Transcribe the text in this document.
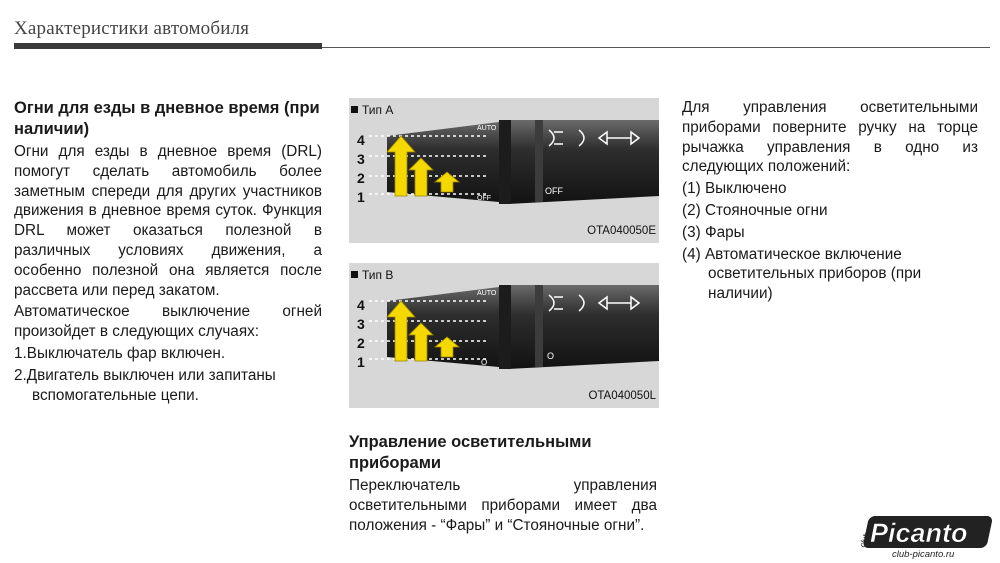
Характеристики автомобиля

Огни для езды в дневное время (при наличии)

Огни для езды в дневное время (DRL) помогут сделать автомобиль более заметным спереди для других участников движения в дневное время суток. Функция DRL может оказаться полезной в различных условиях движения, а особенно полезной она является после рассвета или перед закатом.

Автоматическое выключение огней произойдет в следующих случаях:

1.Выключатель фар включен.

2.Двигатель выключен или запитаны вспомогательные цепи.

Тип A
AUTO
OFF
OFF
4
3
2
1
OTA040050E
Тип B
AUTO
O
O
4
3
2
1
OTA040050L

Управление осветительными приборами

Переключатель управления осветительными приборами имеет два положения - “Фары” и “Стояночные огни”.

Для управления осветительными приборами поверните ручку на торце рычажка управления в одно из следующих положений:

(1) Выключено

(2) Стояночные огни

(3) Фары

(4) Автоматическое включение осветительных приборов (при наличии)

Picanto
club
club-picanto.ru
